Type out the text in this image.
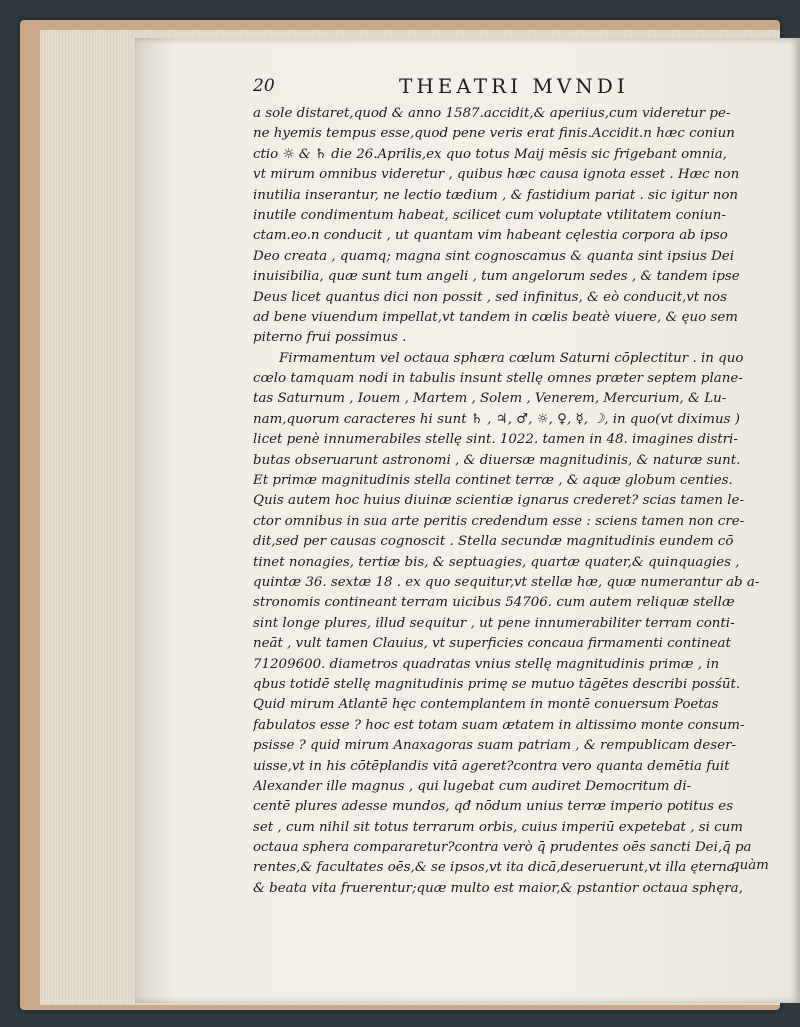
20	THEATRI MVNDI
a sole distaret,quod & anno 1587.accidit,& aperiius,cum videretur pe-
ne hyemis tempus esse,quod pene veris erat finis.Accidit.n hæc coniun
ctio ☼ & ♄ die 26.Aprilis,ex quo totus Maij mēsis sic frigebant omnia,
vt mirum omnibus videretur , quibus hæc causa ignota esset . Hæc non
inutilia inserantur, ne lectio tædium , & fastidium pariat . sic igitur non
inutile condimentum habeat, scilicet cum voluptate vtilitatem coniun-
ctam.eo.n conducit , ut quantam vim habeant cęlestia corpora ab ipso
Deo creata , quamq; magna sint cognoscamus & quanta sint ipsius Dei
inuisibilia, quæ sunt tum angeli , tum angelorum sedes , & tandem ipse
Deus licet quantus dici non possit , sed infinitus, & eò conducit,vt nos
ad bene viuendum impellat,vt tandem in cœlis beatè viuere, & ęuo sem
piterno frui possimus .
Firmamentum vel octaua sphæra cœlum Saturni cōplectitur . in quo
cœlo tamquam nodi in tabulis insunt stellę omnes præter septem plane-
tas Saturnum , Iouem , Martem , Solem , Venerem, Mercurium, & Lu-
nam,quorum caracteres hi sunt ♄ , ♃, ♂, ☼, ♀, ☿, ☽, in quo(vt diximus )
licet penè innumerabiles stellę sint. 1022. tamen in 48. imagines distri-
butas obseruarunt astronomi , & diuersæ magnitudinis, & naturæ sunt.
Et primæ magnitudinis stella continet terræ , & aquæ globum centies.
Quis autem hoc huius diuinæ scientiæ ignarus crederet? scias tamen le-
ctor omnibus in sua arte peritis credendum esse : sciens tamen non cre-
dit,sed per causas cognoscit . Stella secundæ magnitudinis eundem cō
tinet nonagies, tertiæ bis, & septuagies, quartæ quater,& quinquagies ,
quintæ 36. sextæ 18 . ex quo sequitur,vt stellæ hæ, quæ numerantur ab a-
stronomis contineant terram uicibus 54706. cum autem reliquæ stellæ
sint longe plures, illud sequitur , ut pene innumerabiliter terram conti-
neāt , vult tamen Clauius, vt superficies concaua firmamenti contineat
71209600. diametros quadratas vnius stellę magnitudinis primæ , in
qbus totidē stellę magnitudinis primę se mutuo tāgētes describi posśūt.
Quid mirum Atlantē hęc contemplantem in montē conuersum Poetas
fabulatos esse ? hoc est totam suam ætatem in altissimo monte consum-
psisse ? quid mirum Anaxagoras suam patriam , & rempublicam deser-
uisse,vt in his cōtēplandis vitā ageret?contra vero quanta demētia fuit
Alexander ille magnus , qui lugebat cum audiret Democritum di-
centē plures adesse mundos, qđ nōdum unius terræ imperio potitus es
set , cum nihil sit totus terrarum orbis, cuius imperiū expetebat , si cum
octaua sphera compararetur?contra verò q̄ prudentes oēs sancti Dei,q̄ pa
rentes,& facultates oēs,& se ipsos,vt ita dicā,deseruerunt,vt illa ęterna,
& beata vita fruerentur;quæ multo est maior,& pstantior octaua sphęra,
quàm
